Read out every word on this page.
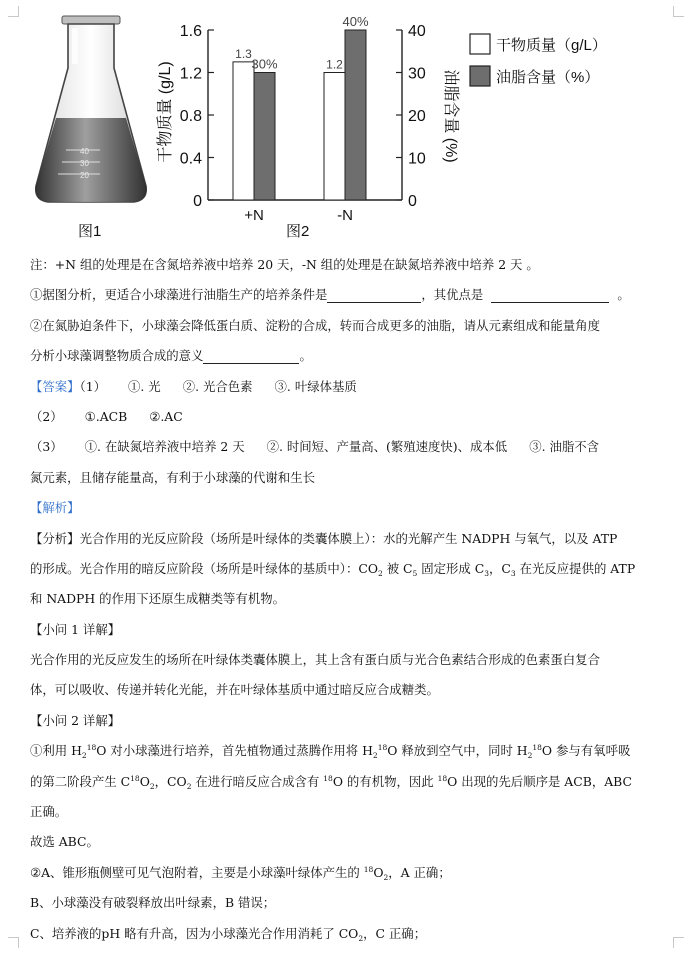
40
30
20
图1
0
0.4
0.8
1.2
1.6
0
10
20
30
40
1.3
30%	1.2
40%
+N	-N
干物质量 (g/L)	油脂含量 (%)
图2
干物质量（g/L）
油脂含量（%）
注：+N 组的处理是在含氮培养液中培养 20 天，-N 组的处理是在缺氮培养液中培养 2 天 。
①据图分析，更适合小球藻进行油脂生产的培养条件是	，其优点是	。
②在氮胁迫条件下，小球藻会降低蛋白质、淀粉的合成，转而合成更多的油脂，请从元素组成和能量角度
分析小球藻调整物质合成的意义	。
【答案】（1） ①. 光 ②. 光合色素 ③. 叶绿体基质
（2） ①.ACB ②.AC
（3） ①. 在缺氮培养液中培养 2 天 ②. 时间短、产量高、(繁殖速度快)、成本低 ③. 油脂不含
氮元素，且储存能量高，有利于小球藻的代谢和生长
【解析】
【分析】光合作用的光反应阶段（场所是叶绿体的类囊体膜上）：水的光解产生 NADPH 与氧气，以及 ATP
的形成。光合作用的暗反应阶段（场所是叶绿体的基质中）：$CO_2$ 被 $C_5$ 固定形成 $C_3$，$C_3$ 在光反应提供的 ATP
和 NADPH 的作用下还原生成糖类等有机物。
【小问 1 详解】
光合作用的光反应发生的场所在叶绿体类囊体膜上，其上含有蛋白质与光合色素结合形成的色素蛋白复合
体，可以吸收、传递并转化光能，并在叶绿体基质中通过暗反应合成糖类。
【小问 2 详解】
①利用 $H_2^{18}O$ 对小球藻进行培养，首先植物通过蒸腾作用将 $H_2^{18}O$ 释放到空气中，同时 $H_2^{18}O$ 参与有氧呼吸
的第二阶段产生 $C^{18}O_2$，$CO_2$ 在进行暗反应合成含有 $^{18}$O 的有机物，因此 $^{18}$O 出现的先后顺序是 ACB，ABC
正确。
故选 ABC。
②A、锥形瓶侧壁可见气泡附着，主要是小球藻叶绿体产生的 $^{18}O_2$，A 正确；
B、小球藻没有破裂释放出叶绿素，B 错误；
C、培养液的pH 略有升高，因为小球藻光合作用消耗了 $CO_2$，C 正确；
